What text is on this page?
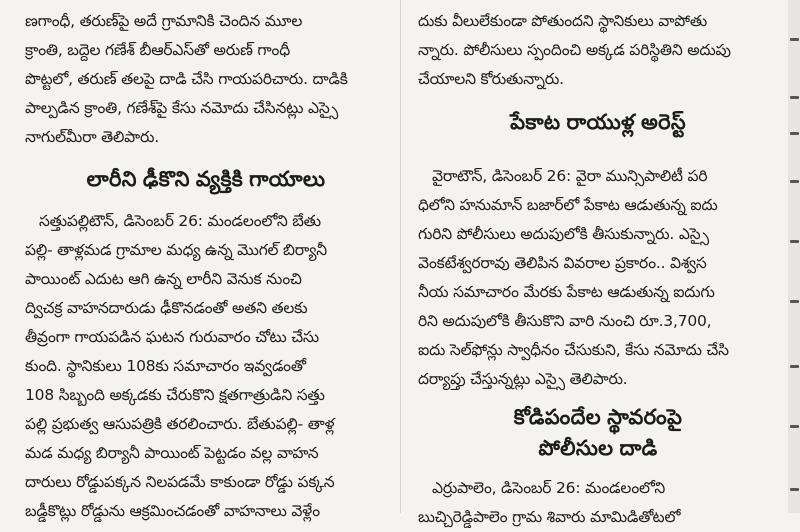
ణగాంధీ, తరుణ్‌పై అదే గ్రామానికి చెందిన మూల

క్రాంతి, బద్దెల గణేశ్ బీఆర్ఎస్‌తో అరుణ్ గాంధీ

పొట్టలో, తరుణ్ తలపై దాడి చేసి గాయపరిచారు. దాడికి

పాల్పడిన క్రాంతి, గణేశ్‌పై కేసు నమోదు చేసినట్లు ఎస్సై

నాగుల్‌మీరా తెలిపారు.

లారీని ఢీకొని వ్యక్తికి గాయాలు

సత్తుపల్లిటౌన్, డిసెంబర్ 26: మండలంలోని బేతు

పల్లి- తాళ్లమడ గ్రామాల మధ్య ఉన్న మొగల్ బిర్యానీ

పాయింట్ ఎదుట ఆగి ఉన్న లారీని వెనుక నుంచి

ద్విచక్ర వాహనదారుడు ఢీకొనడంతో అతని తలకు

తీవ్రంగా గాయపడిన ఘటన గురువారం చోటు చేసు

కుంది. స్థానికులు 108కు సమాచారం ఇవ్వడంతో

108 సిబ్బంది అక్కడకు చేరుకొని క్షతగాత్రుడిని సత్తు

పల్లి ప్రభుత్వ ఆసుపత్రికి తరలించారు. బేతుపల్లి- తాళ్ల

మడ మధ్య బిర్యానీ పాయింట్ పెట్టడం వల్ల వాహన

దారులు రోడ్డుపక్కన నిలపడమే కాకుండా రోడ్డు పక్కన

బడ్డీకొట్లు రోడ్డును ఆక్రమించడంతో వాహనాలు వెళ్లేం

దుకు వీలులేకుండా పోతుందని స్థానికులు వాపోతు

న్నారు. పోలీసులు స్పందించి అక్కడ పరిస్థితిని అదుపు

చేయాలని కోరుతున్నారు.

పేకాట రాయుళ్ల అరెస్ట్

వైరాటౌన్, డిసెంబర్ 26: వైరా మున్సిపాలిటీ పరి

ధిలోని హనుమాన్ బజార్‌లో పేకాట ఆడుతున్న ఐదు

గురిని పోలీసులు అదుపులోకి తీసుకున్నారు. ఎస్సై

వెంకటేశ్వరరావు తెలిపిన వివరాల ప్రకారం.. విశ్వస

నీయ సమాచారం మేరకు పేకాట ఆడుతున్న ఐదుగు

రిని అదుపులోకి తీసుకొని వారి నుంచి రూ.3,700,

ఐదు సెల్‌ఫోన్లు స్వాధీనం చేసుకుని, కేసు నమోదు చేసి

దర్యాప్తు చేస్తున్నట్లు ఎస్సై తెలిపారు.

కోడిపందేల స్థావరంపై
పోలీసుల దాడి

ఎర్రుపాలెం, డిసెంబర్ 26: మండలంలోని

బుచ్చిరెడ్డిపాలెం గ్రామ శివారు మామిడితోటలో
